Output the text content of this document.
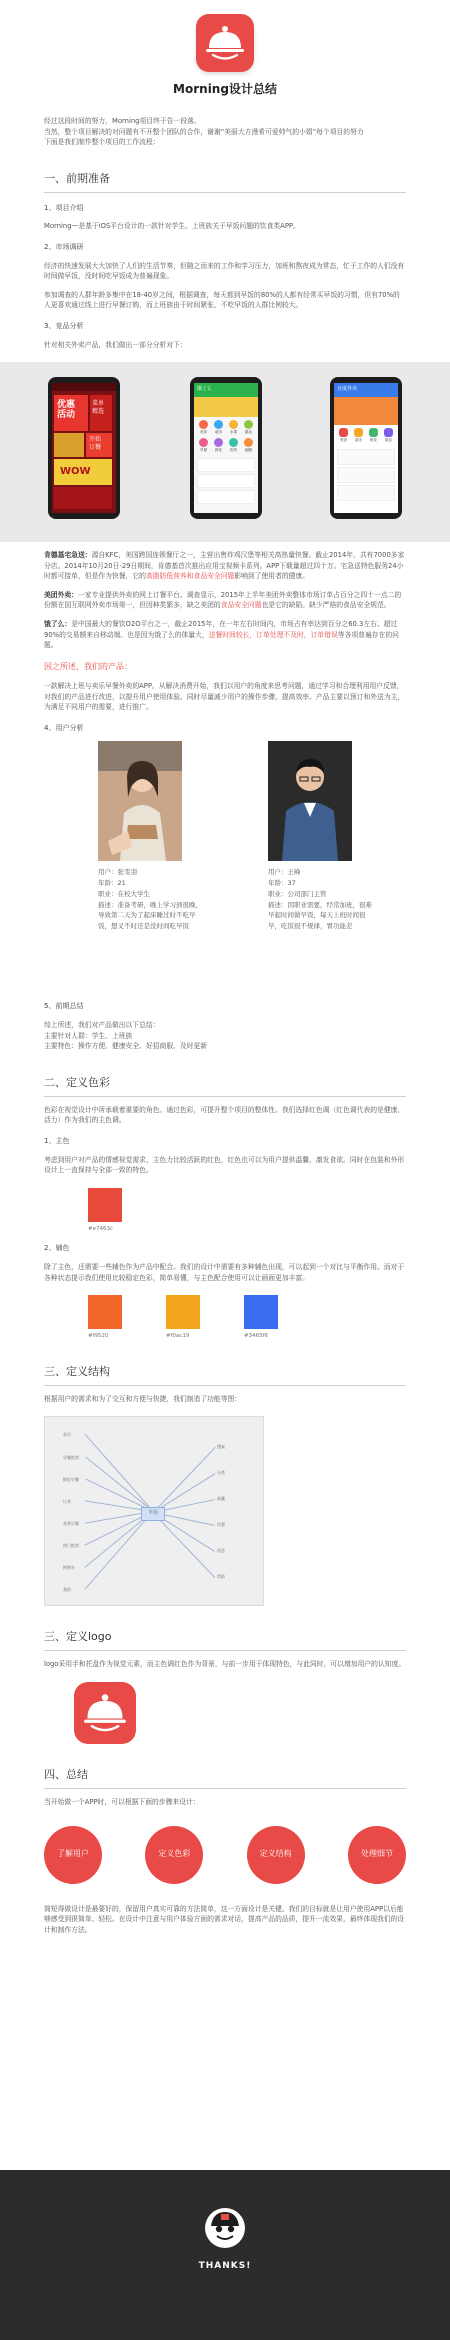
Morning设计总结
经过这段时间的努力，Morning项目终于告一段落。
当然，整个项目解决的对问题有不开整个团队的合作，谢谢“美丽大方漫希可爱帅气的小娟”每个项目的努力
下面是我们制作整个项目的工作流程：
一、前期准备
1、项目介绍
Morning—是基于iOS平台设计的一款针对学生、上班族关于早饭问题的饮食类APP。
2、市场调研
经济的快速发展大大加快了人们的生活节奏，但随之而来的工作和学习压力，加班和熬夜成为常态，忙于工作的人们没有时间做早饭，没时间吃早饭成为普遍现象。
参加调查的人群年龄多集中在18-40岁之间，根据调查，每天都到早饭的80%的人都有经常买早饭的习惯，但有70%的人更喜欢通过线上进行早餐订购，而上班族由于时间紧张，不吃早饭的人群比例较大。
3、竞品分析
针对相关外卖产品，我们做出一部分分析对下：
优惠
活动
菜单
精选
开始
订餐
WOW
饿了么
美食	超市	水果	甜品
早餐	鲜花	医药	跑腿
百度外卖
美食	超市	鲜花	甜品
肯德基宅急送：源自KFC，美国跨国连锁餐厅之一，主营出售炸鸡汉堡等相关高热量快餐。截止2014年，共有7000多家分店。2014年10月20日-29日期间，肯德基首次推出应用宝视频卡系列。APP下载量超过四十万。宅急送特色服务24小时都可接单，但是作为快餐，它的高脂肪低营养和食品安全问题影响到了使用者的健康。
美团外卖：一家专业提供外卖的网上订餐平台。调查显示，2015年上半年美团外卖整体市场订单占百分之四十一点二的份额在国互联网外卖市场第一，但因种类繁多，缺之美团的食品安全问题也是它的缺陷。缺少严格的食品安全规范。
饿了么：是中国最大的餐饮O2O平台之一，截止2015年，在一年左右时间内，市场占有率达到百分之60.3左右。超过90%的交易额来自移动端。也是因为饿了么的体量大，送餐时间较长，订单处理不及时，订单错误等各项普遍存在的问题。
因之所述，我们的产品：
一款解决上班与卖乐早餐外卖的APP。从解决消费开始，我们以用户的角度来思考问题，通过学习和合理利用用户反馈，对我们的产品进行改进，以提升用户使用体验。同时尽量减少用户的操作步骤，提高效率。产品主要以预订和外送为主，为满足不同用户的需要，进行推广。
4、用户分析
用户：张雯羽
年龄：21
职业：在校大学生
描述：准备考研，晚上学习到很晚，导致第二天为了起床睡过时不吃早饭，想叉不时还是没时间吃早饭
用户：王峰
年龄：37
职业：公司部门主管
描述：因职业需要，经常加班，很难早起时间做早饭，每天上班时间很早，吃饭很不规律，胃功能差
5、前期总结
综上所述，我们对产品做出以下总结：
主要针对人群：学生、上班族
主要特色：操作方便、健康安全、好招商服、及时更新
二、定义色彩
色彩在视觉设计中所承载着重要的角色。通过色彩，可提升整个项目的整体性。我们选择红色调（红色调代表的是健康、活力）作为我们的主色调。
1、主色
考虑到用户对产品的情感视觉需求，主色力比较活跃的红色，红色也可以为用户提供温馨，激发食欲。同时在包装和外形设计上一直保持与全部一致的特色。
#e7463c
2、辅色
除了主色，还需要一些辅色作为产品中配合。我们的设计中需要有多种辅色出现，可以起到一个对比与平衡作用。而对于各种状态提示我们使用比较稳定色彩，简单易懂，与主色配合使用可以让画面更加丰富。
#f9520	#f0ac19	#3465f6
三、定义结构
根据用户的需求和为了交互和方便与快捷，我们制造了功能等图：
早饭
首页
早餐推荐
附近早餐
订单
营养早餐
热门推荐
购物车
我的
搜索
分类
收藏
设置
消息
帮助
三、定义logo
logo采用手和托盘作为视觉元素，而主色调红色作为背景，与前一步用于体现特色，与此同时，可以增加用户的认知度。
四、总结
当开始做一个APP时，可以根据下面的步骤来设计：
了解用户	定义色彩	定义结构	处理细节
简短得做设计是最要好的，保留用户真实可靠的方法简单，这一方面设计是关键。我们的目标就是让用户使用APP以后能够感受到很简单、轻松。在设计中注意与用户体验方面的需求对话，提高产品的品质，提升一流效果，最终体现我们的设计和制作方法。
THANKS!
